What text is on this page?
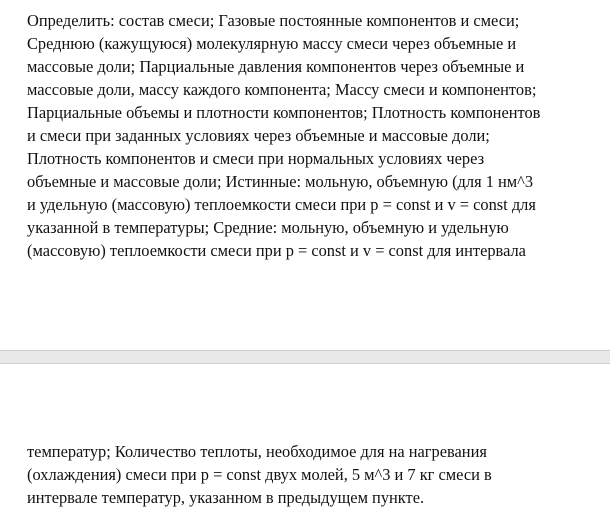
Определить: состав смеси; Газовые постоянные компонентов и смеси;
Среднюю (кажущуюся) молекулярную массу смеси через объемные и
массовые доли; Парциальные давления компонентов через объемные и
массовые доли, массу каждого компонента; Массу смеси и компонентов;
Парциальные объемы и плотности компонентов; Плотность компонентов
и смеси при заданных условиях через объемные и массовые доли;
Плотность компонентов и смеси при нормальных условиях через
объемные и массовые доли; Истинные: мольную, объемную (для 1 нм^3
и удельную (массовую) теплоемкости смеси при p = const и v = const для
указанной в температуры; Средние: мольную, объемную и удельную
(массовую) теплоемкости смеси при p = const и v = const для интервала
температур; Количество теплоты, необходимое для на нагревания
(охлаждения) смеси при p = const двух молей, 5 м^3 и 7 кг смеси в
интервале температур, указанном в предыдущем пункте.
